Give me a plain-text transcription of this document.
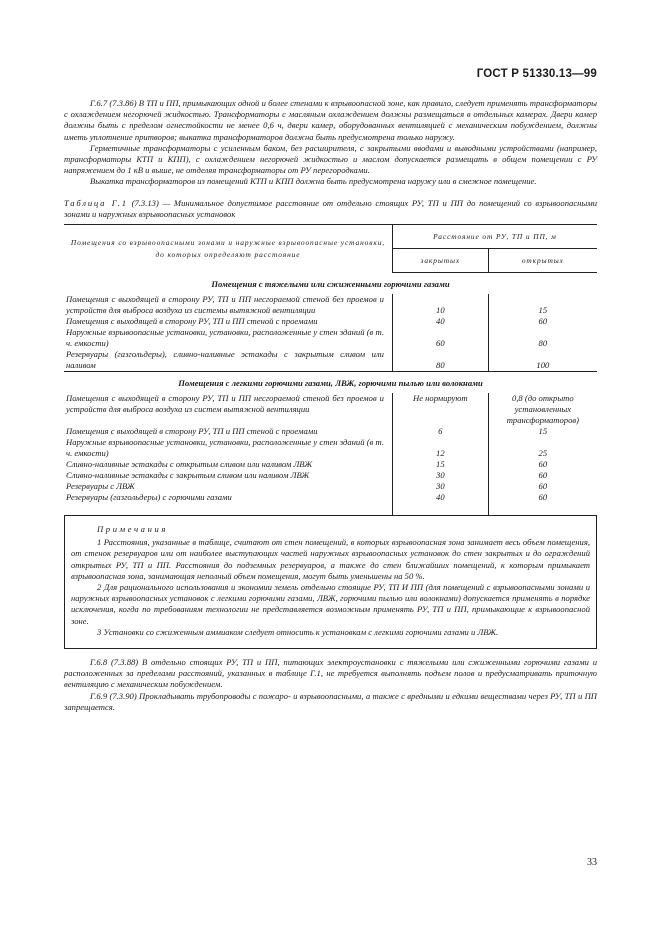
ГОСТ Р 51330.13—99

Г.6.7 (7.3.86) В ТП и ПП, примыкающих одной и более стенами к взрывоопасной зоне, как правило, следует применять трансформаторы с охлаждением негорючей жидкостью. Трансформаторы с масляным охлаждением должны размещаться в отдельных камерах. Двери камер должны быть с пределом огнестойкости не менее 0,6 ч, двери камер, оборудованных вентиляцией с механическим побуждением, должны иметь уплотнение притворов; выкатка трансформаторов должна быть предусмотрена только наружу.

Герметичные трансформаторы с усиленным баком, без расширителя, с закрытыми вводами и выводными устройствами (например, трансформаторы КТП и КПП), с охлаждением негорючей жидкостью и маслом допускается размещать в общем помещении с РУ напряжением до 1 кВ и выше, не отделяя трансформаторы от РУ перегородками.

Выкатка трансформаторов из помещений КТП и КПП должна быть предусмотрена наружу или в смежное помещение.

Таблица Г.1 (7.3.13) — Минимальное допустимое расстояние от отдельно стоящих РУ, ТП и ПП до помещений со взрывоопасными зонами и наружных взрывоопасных установок

Помещения со взрывоопасными зонами и наружные взрывоопасные установки, до которых определяют расстояние	Расстояние от РУ, ТП и ПП, м	
	закрытых	открытых
Помещения с тяжелыми или сжиженными горючими газами		
Помещения с выходящей в сторону РУ, ТП и ПП несгораемой стеной без проемов и устройств для выброса воздуха из системы вытяжной вентиляции	10	15
Помещения с выходящей в сторону РУ, ТП и ПП стеной с проемами	40	60
Наружные взрывоопасные установки, установки, расположенные у стен зданий (в т. ч. емкости)	60	80
Резервуары (газгольдеры), сливно-наливные эстакады с закрытым сливом или наливом	80	100
Помещения с легкими горючими газами, ЛВЖ, горючими пылью или волокнами		
Помещения с выходящей в сторону РУ, ТП и ПП несгораемой стеной без проемов и устройств для выброса воздуха из систем вытяжной вентиляции	Не нормируют	0,8 (до открыто установленных трансформаторов)
Помещения с выходящей в сторону РУ, ТП и ПП стеной с проемами	6	15
Наружные взрывоопасные установки, установки, расположенные у стен зданий (в т. ч. емкости)	12	25
Сливно-наливные эстакады с открытым сливом или наливом ЛВЖ	15	60
Сливно-наливные эстакады с закрытым сливом или наливом ЛВЖ	30	60
Резервуары с ЛВЖ	30	60
Резервуары (газгольдеры) с горючими газами	40	60
Примечания

1 Расстояния, указанные в таблице, считают от стен помещений, в которых взрывоопасная зона занимает весь объем помещения, от стенок резервуаров или от наиболее выступающих частей наружных взрывоопасных установок до стен закрытых и до ограждений открытых РУ, ТП и ПП. Расстояния до подземных резервуаров, а также до стен ближайших помещений, к которым примыкает взрывоопасная зона, занимающая неполный объем помещения, могут быть уменьшены на 50 %.

2 Для рационального использования и экономии земель отдельно стоящие РУ, ТП И ПП (для помещений с взрывоопасными зонами и наружных взрывоопасных установок с легкими горючими газами, ЛВЖ, горючими пылью или волокнами) допускается применять в порядке исключения, когда по требованиям технологии не представляется возможным применять РУ, ТП и ПП, примыкающие к взрывоопасной зоне.

3 Установки со сжиженным аммиаком следует относить к установкам с легкими горючими газами и ЛВЖ.

Г.6.8 (7.3.88) В отдельно стоящих РУ, ТП и ПП, питающих электроустановки с тяжелыми или сжиженными горючими газами и расположенных за пределами расстояний, указанных в таблице Г.1, не требуется выполнять подъем полов и предусматривать приточную вентиляцию с механическим побуждением.

Г.6.9 (7.3.90) Прокладывать трубопроводы с пожаро- и взрывоопасными, а также с вредными и едкими веществами через РУ, ТП и ПП запрещается.

33
